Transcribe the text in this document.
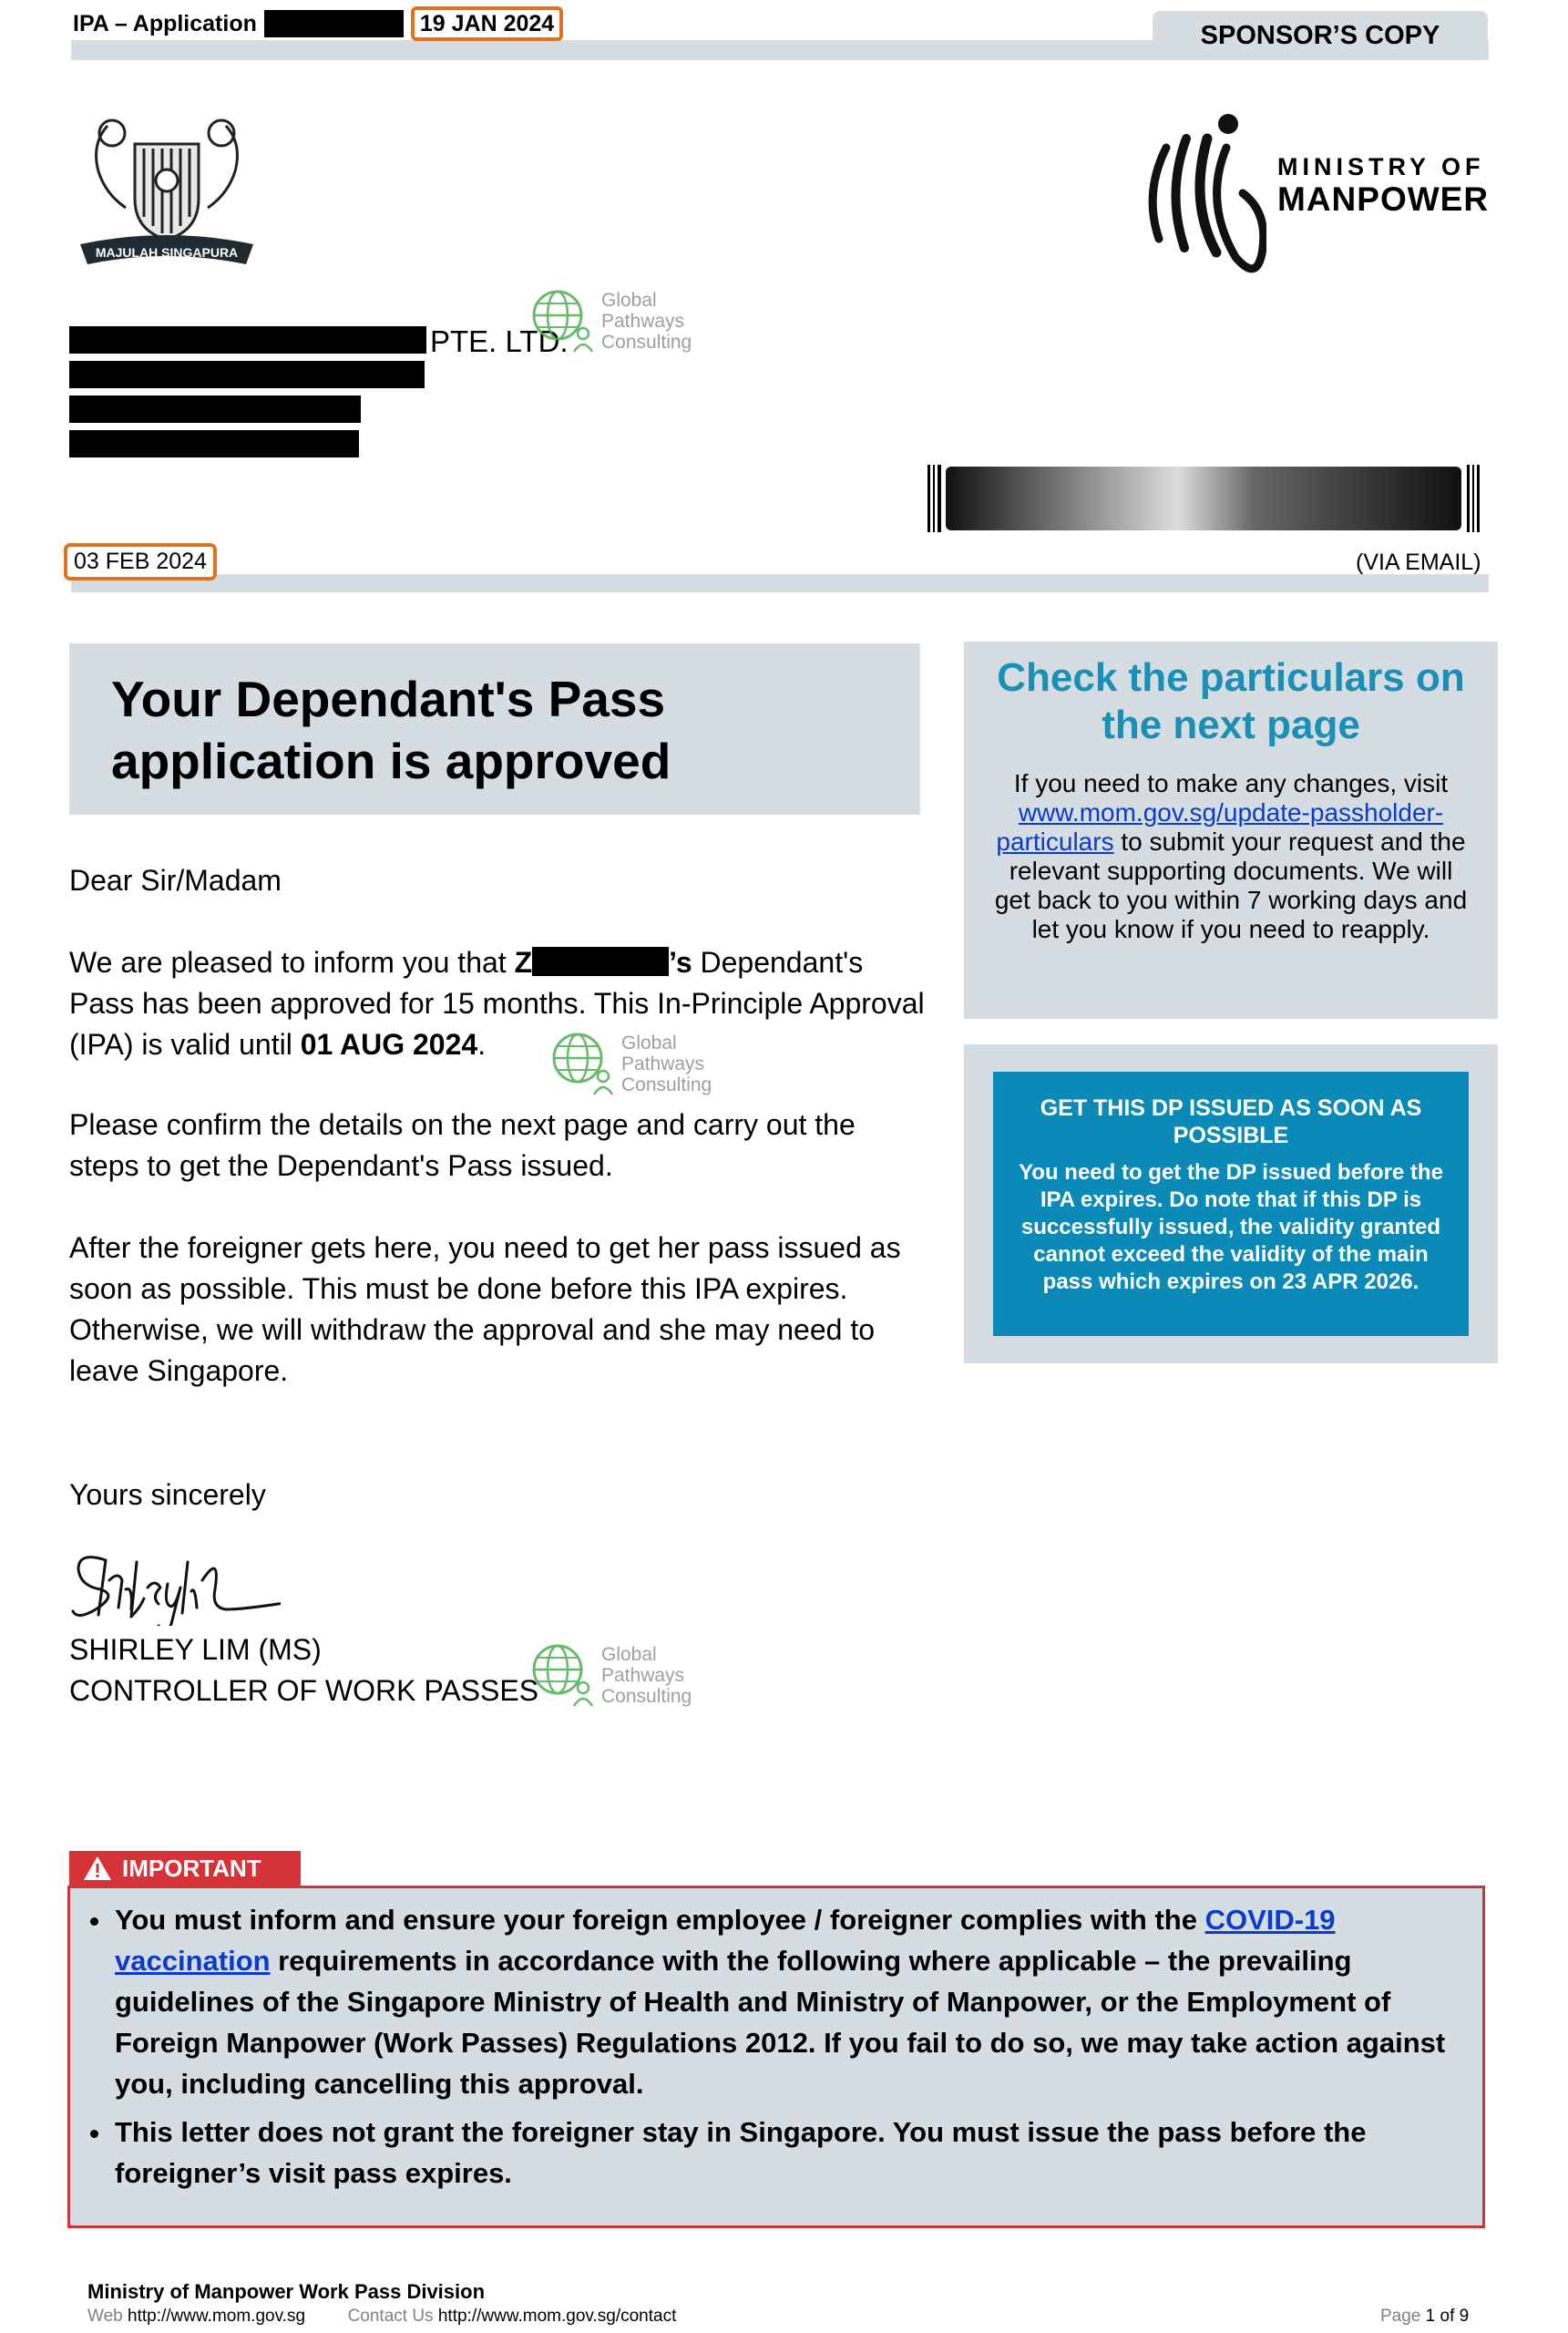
IPA – Application	19 JAN 2024	SPONSOR’S COPY
MAJULAH SINGAPURA
MINISTRY OF
MANPOWER
PTE. LTD.
Global
Pathways
Consulting
03 FEB 2024	(VIA EMAIL)
Your Dependant's Pass
application is approved
Dear Sir/Madam
We are pleased to inform you that Z	’s Dependant's Pass has been approved for 15 months. This In-Principle Approval (IPA) is valid until 01 AUG 2024.	Global
Pathways
Consulting
Please confirm the details on the next page and carry out the steps to get the Dependant's Pass issued.
After the foreigner gets here, you need to get her pass issued as soon as possible. This must be done before this IPA expires. Otherwise, we will withdraw the approval and she may need to leave Singapore.
Yours sincerely
SHIRLEY LIM (MS)
CONTROLLER OF WORK PASSES
Global
Pathways
Consulting
Check the particulars on the next page
If you need to make any changes, visit www.mom.gov.sg/update-passholder-particulars to submit your request and the relevant supporting documents. We will get back to you within 7 working days and let you know if you need to reapply.
GET THIS DP ISSUED AS SOON AS POSSIBLE
You need to get the DP issued before the IPA expires. Do note that if this DP is successfully issued, the validity granted cannot exceed the validity of the main pass which expires on 23 APR 2026.
IMPORTANT
• You must inform and ensure your foreign employee / foreigner complies with the COVID-19 vaccination requirements in accordance with the following where applicable – the prevailing guidelines of the Singapore Ministry of Health and Ministry of Manpower, or the Employment of Foreign Manpower (Work Passes) Regulations 2012. If you fail to do so, we may take action against you, including cancelling this approval.
• This letter does not grant the foreigner stay in Singapore. You must issue the pass before the foreigner’s visit pass expires.
Ministry of Manpower Work Pass Division
Web http://www.mom.gov.sg Contact Us http://www.mom.gov.sg/contact	Page 1 of 9
